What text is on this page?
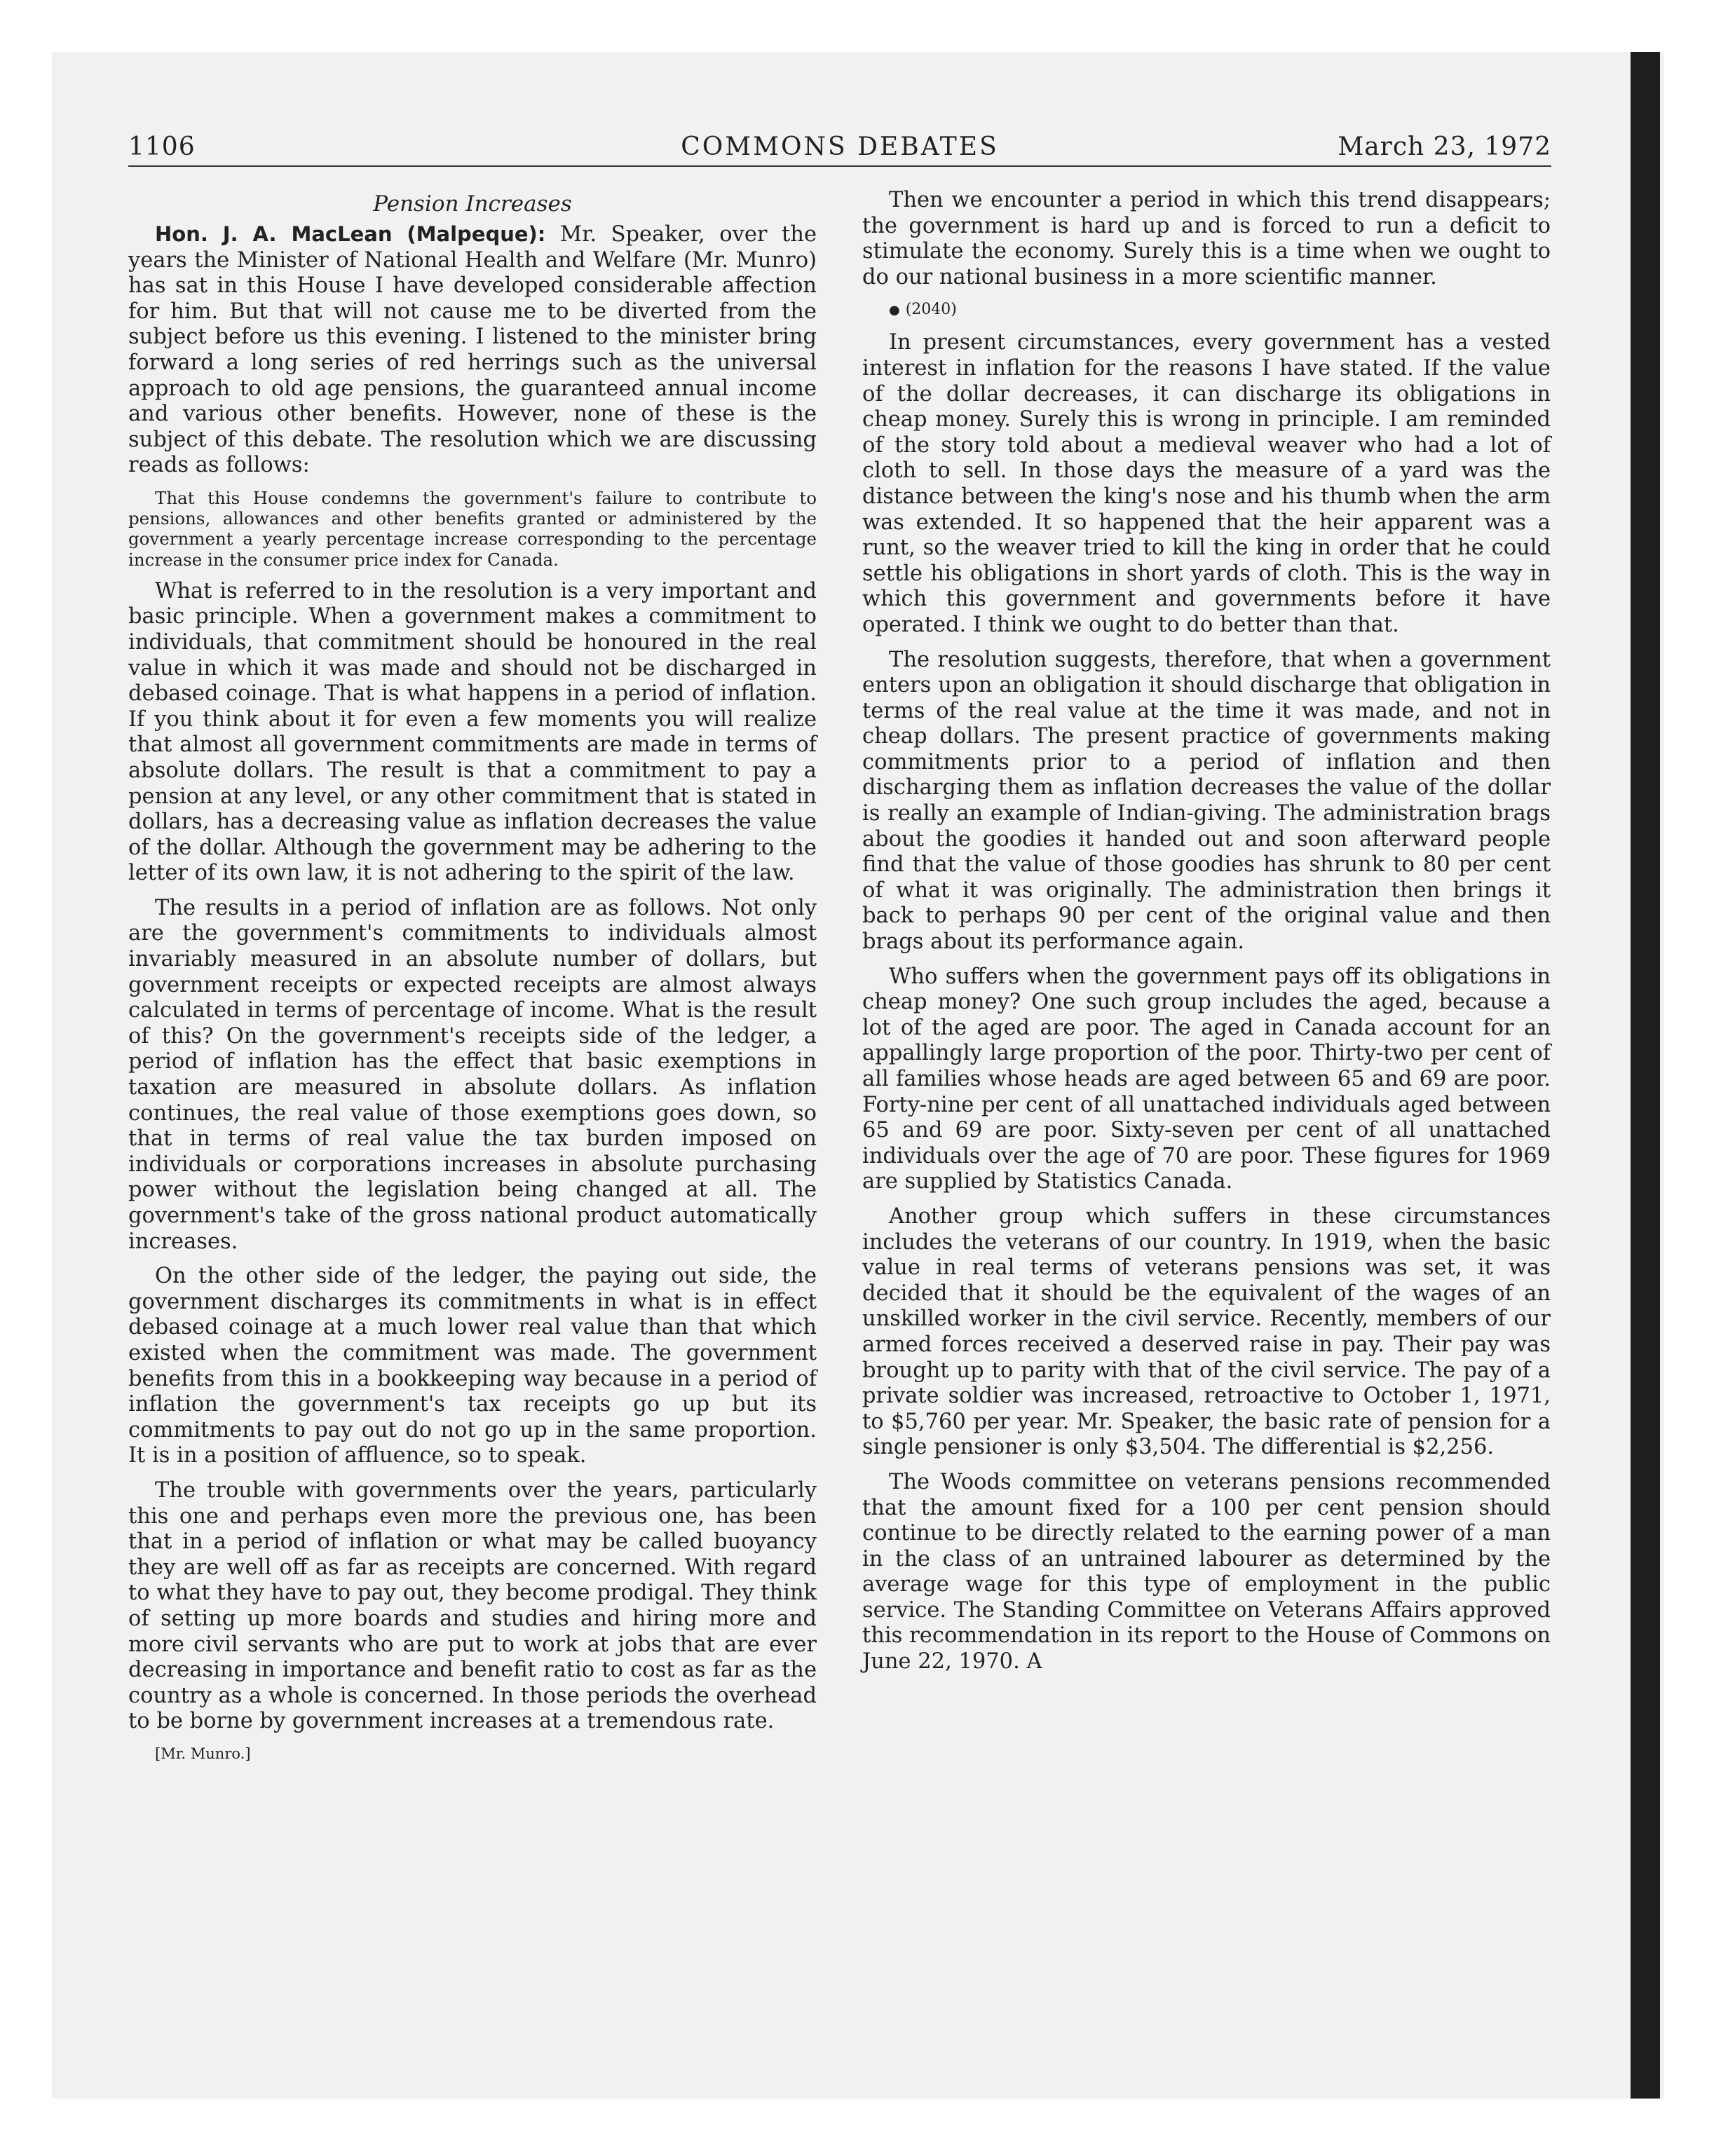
1106	COMMONS DEBATES	March 23, 1972
Pension Increases

Hon. J. A. MacLean (Malpeque): Mr. Speaker, over the years the Minister of National Health and Welfare (Mr. Munro) has sat in this House I have developed considerable affection for him. But that will not cause me to be diverted from the subject before us this evening. I listened to the minister bring forward a long series of red herrings such as the universal approach to old age pensions, the guaranteed annual income and various other benefits. However, none of these is the subject of this debate. The resolution which we are discussing reads as follows:

That this House condemns the government's failure to contribute to pensions, allowances and other benefits granted or administered by the government a yearly percentage increase corresponding to the percentage increase in the consumer price index for Canada.

What is referred to in the resolution is a very important and basic principle. When a government makes a commitment to individuals, that commitment should be honoured in the real value in which it was made and should not be discharged in debased coinage. That is what happens in a period of inflation. If you think about it for even a few moments you will realize that almost all government commitments are made in terms of absolute dollars. The result is that a commitment to pay a pension at any level, or any other commitment that is stated in dollars, has a decreasing value as inflation decreases the value of the dollar. Although the government may be adhering to the letter of its own law, it is not adhering to the spirit of the law.

The results in a period of inflation are as follows. Not only are the government's commitments to individuals almost invariably measured in an absolute number of dollars, but government receipts or expected receipts are almost always calculated in terms of percentage of income. What is the result of this? On the government's receipts side of the ledger, a period of inflation has the effect that basic exemptions in taxation are measured in absolute dollars. As inflation continues, the real value of those exemptions goes down, so that in terms of real value the tax burden imposed on individuals or corporations increases in absolute purchasing power without the legislation being changed at all. The government's take of the gross national product automatically increases.

On the other side of the ledger, the paying out side, the government discharges its commitments in what is in effect debased coinage at a much lower real value than that which existed when the commitment was made. The government benefits from this in a bookkeeping way because in a period of inflation the government's tax receipts go up but its commitments to pay out do not go up in the same proportion. It is in a position of affluence, so to speak.

The trouble with governments over the years, particularly this one and perhaps even more the previous one, has been that in a period of inflation or what may be called buoyancy they are well off as far as receipts are concerned. With regard to what they have to pay out, they become prodigal. They think of setting up more boards and studies and hiring more and more civil servants who are put to work at jobs that are ever decreasing in importance and benefit ratio to cost as far as the country as a whole is concerned. In those periods the overhead to be borne by government increases at a tremendous rate.

[Mr. Munro.]

Then we encounter a period in which this trend disappears; the government is hard up and is forced to run a deficit to stimulate the economy. Surely this is a time when we ought to do our national business in a more scientific manner.

● (2040)

In present circumstances, every government has a vested interest in inflation for the reasons I have stated. If the value of the dollar decreases, it can discharge its obligations in cheap money. Surely this is wrong in principle. I am reminded of the story told about a medieval weaver who had a lot of cloth to sell. In those days the measure of a yard was the distance between the king's nose and his thumb when the arm was extended. It so happened that the heir apparent was a runt, so the weaver tried to kill the king in order that he could settle his obligations in short yards of cloth. This is the way in which this government and governments before it have operated. I think we ought to do better than that.

The resolution suggests, therefore, that when a government enters upon an obligation it should discharge that obligation in terms of the real value at the time it was made, and not in cheap dollars. The present practice of governments making commitments prior to a period of inflation and then discharging them as inflation decreases the value of the dollar is really an example of Indian-giving. The administration brags about the goodies it handed out and soon afterward people find that the value of those goodies has shrunk to 80 per cent of what it was originally. The administration then brings it back to perhaps 90 per cent of the original value and then brags about its performance again.

Who suffers when the government pays off its obligations in cheap money? One such group includes the aged, because a lot of the aged are poor. The aged in Canada account for an appallingly large proportion of the poor. Thirty-two per cent of all families whose heads are aged between 65 and 69 are poor. Forty-nine per cent of all unattached individuals aged between 65 and 69 are poor. Sixty-seven per cent of all unattached individuals over the age of 70 are poor. These figures for 1969 are supplied by Statistics Canada.

Another group which suffers in these circumstances includes the veterans of our country. In 1919, when the basic value in real terms of veterans pensions was set, it was decided that it should be the equivalent of the wages of an unskilled worker in the civil service. Recently, members of our armed forces received a deserved raise in pay. Their pay was brought up to parity with that of the civil service. The pay of a private soldier was increased, retroactive to October 1, 1971, to $5,760 per year. Mr. Speaker, the basic rate of pension for a single pensioner is only $3,504. The differential is $2,256.

The Woods committee on veterans pensions recommended that the amount fixed for a 100 per cent pension should continue to be directly related to the earning power of a man in the class of an untrained labourer as determined by the average wage for this type of employment in the public service. The Standing Committee on Veterans Affairs approved this recommendation in its report to the House of Commons on June 22, 1970. A
